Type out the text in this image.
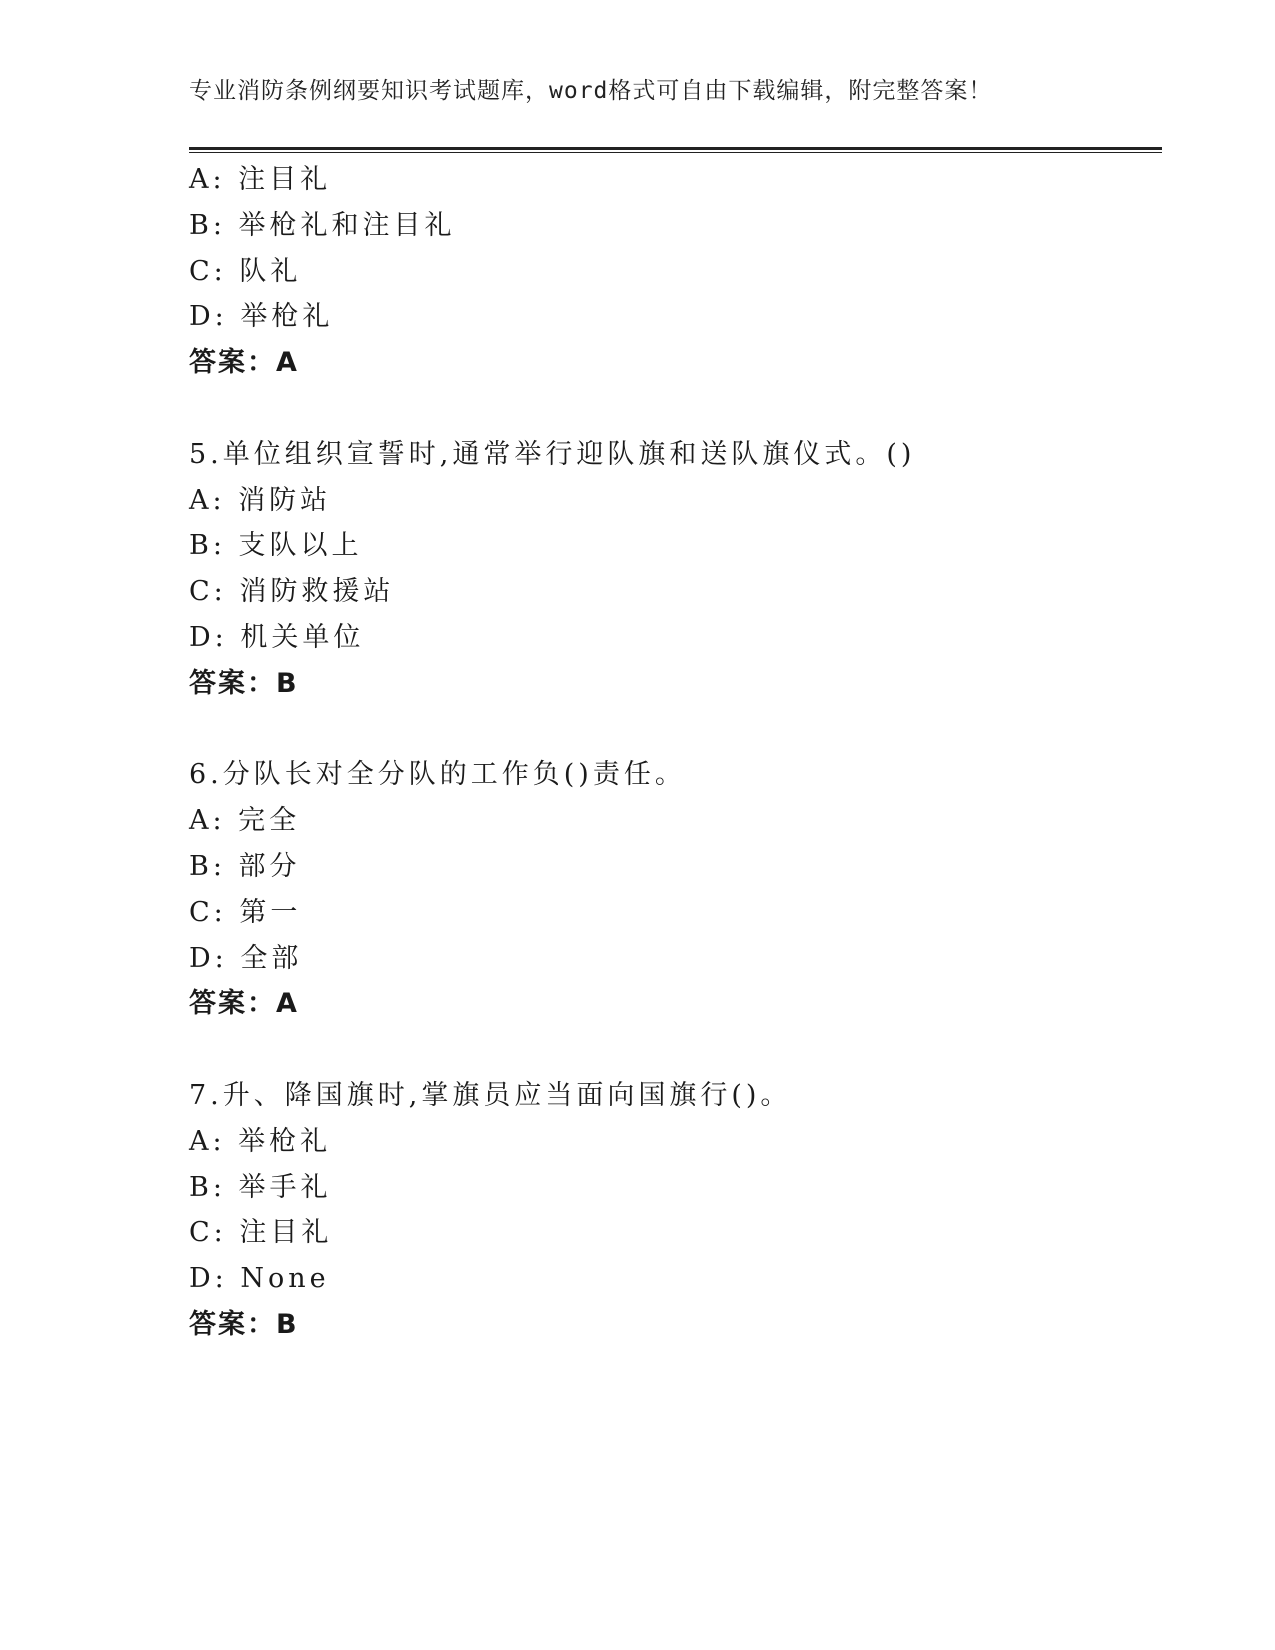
专业消防条例纲要知识考试题库，word格式可自由下载编辑，附完整答案！
A: 注目礼
B: 举枪礼和注目礼
C: 队礼
D: 举枪礼
答案：A
5.单位组织宣誓时,通常举行迎队旗和送队旗仪式。()
A: 消防站
B: 支队以上
C: 消防救援站
D: 机关单位
答案：B
6.分队长对全分队的工作负()责任。
A: 完全
B: 部分
C: 第一
D: 全部
答案：A
7.升、降国旗时,掌旗员应当面向国旗行()。
A: 举枪礼
B: 举手礼
C: 注目礼
D: None
答案：B
